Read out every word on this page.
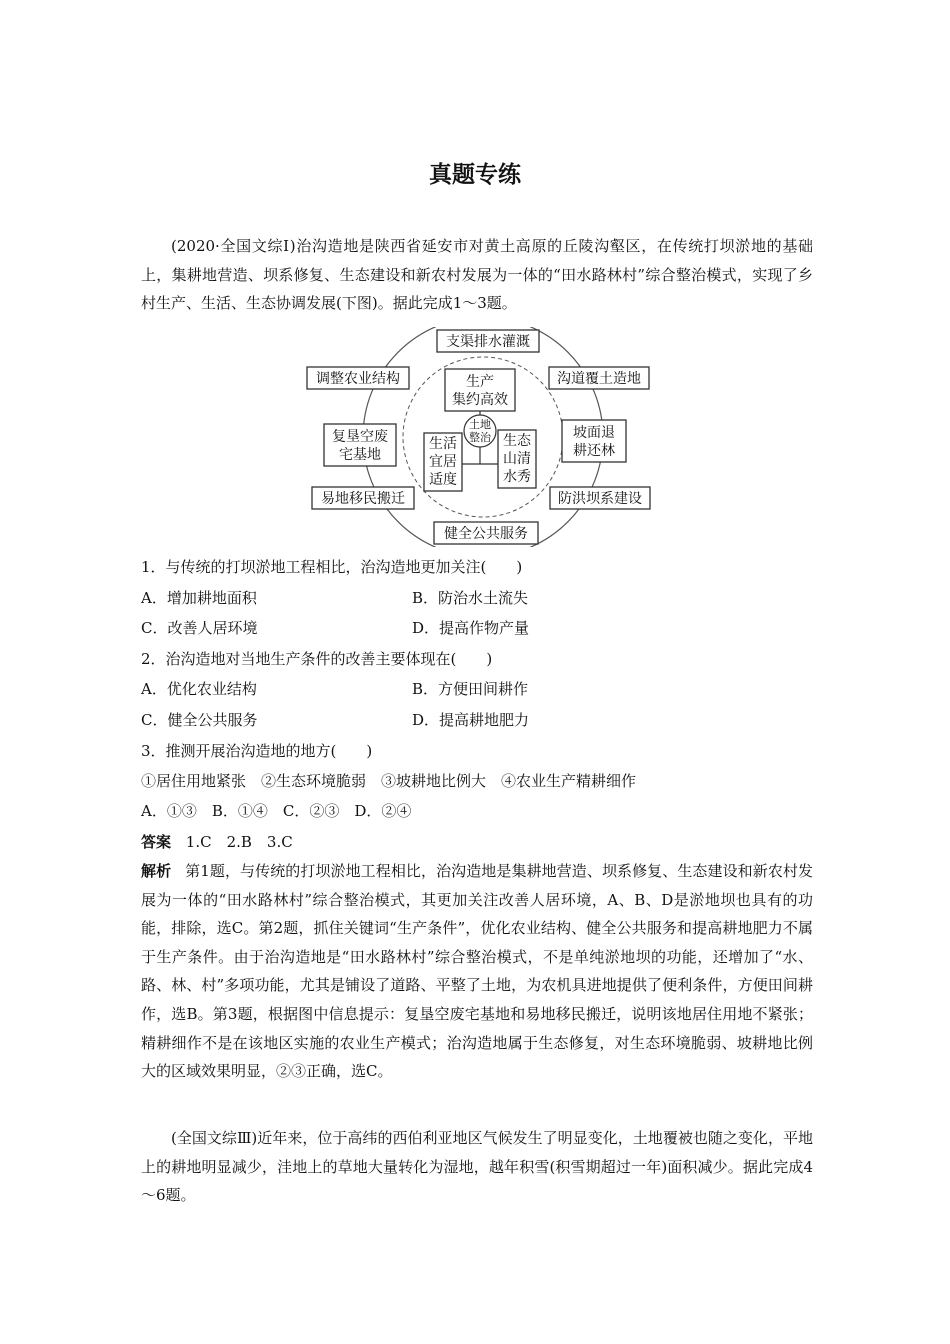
真题专练
(2020·全国文综Ⅰ)治沟造地是陕西省延安市对黄土高原的丘陵沟壑区，在传统打坝淤地的基础上，集耕地营造、坝系修复、生态建设和新农村发展为一体的“田水路林村”综合整治模式，实现了乡村生产、生活、生态协调发展(下图)。据此完成1～3题。
支渠排水灌溉
沟道覆土造地
坡面退
耕还林
防洪坝系建设
健全公共服务
易地移民搬迁
复垦空废
宅基地
调整农业结构	生产
集约高效
生活
宜居
适度
生态
山清
水秀
土地
整治
1．与传统的打坝淤地工程相比，治沟造地更加关注(　　)
A．增加耕地面积	B．防治水土流失
C．改善人居环境	D．提高作物产量
2．治沟造地对当地生产条件的改善主要体现在(　　)
A．优化农业结构	B．方便田间耕作
C．健全公共服务	D．提高耕地肥力
3．推测开展治沟造地的地方(　　)
①居住用地紧张　②生态环境脆弱　③坡耕地比例大　④农业生产精耕细作
A．①③　B．①④　C．②③　D．②④
答案 1.C　2.B　3.C
解析 第1题，与传统的打坝淤地工程相比，治沟造地是集耕地营造、坝系修复、生态建设和新农村发展为一体的“田水路林村”综合整治模式，其更加关注改善人居环境，A、B、D是淤地坝也具有的功能，排除，选C。第2题，抓住关键词“生产条件”，优化农业结构、健全公共服务和提高耕地肥力不属于生产条件。由于治沟造地是“田水路林村”综合整治模式，不是单纯淤地坝的功能，还增加了“水、路、林、村”多项功能，尤其是铺设了道路、平整了土地，为农机具进地提供了便利条件，方便田间耕作，选B。第3题，根据图中信息提示：复垦空废宅基地和易地移民搬迁，说明该地居住用地不紧张；精耕细作不是在该地区实施的农业生产模式；治沟造地属于生态修复，对生态环境脆弱、坡耕地比例大的区域效果明显，②③正确，选C。
(全国文综Ⅲ)近年来，位于高纬的西伯利亚地区气候发生了明显变化，土地覆被也随之变化，平地上的耕地明显减少，洼地上的草地大量转化为湿地，越年积雪(积雪期超过一年)面积减少。据此完成4～6题。
